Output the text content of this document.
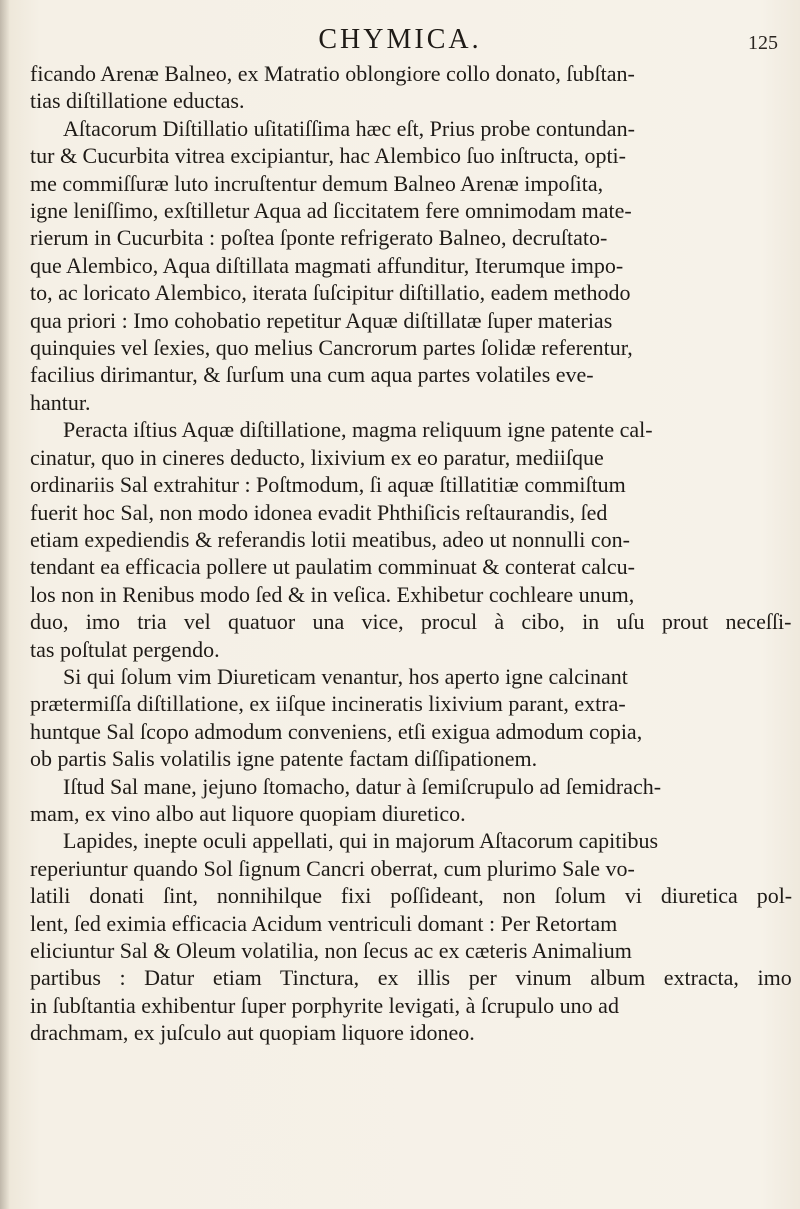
CHYMICA.	125
ficando Arenæ Balneo, ex Matratio oblongiore collo donato, ſubſtan-
tias diſtillatione eductas.
Aſtacorum Diſtillatio uſitatiſſima hæc eſt, Prius probe contundan-
tur & Cucurbita vitrea excipiantur, hac Alembico ſuo inſtructa, opti-
me commiſſuræ luto incruſtentur demum Balneo Arenæ impoſita,
igne leniſſimo, exſtilletur Aqua ad ſiccitatem fere omnimodam mate-
rierum in Cucurbita : poſtea ſponte refrigerato Balneo, decruſtato-
que Alembico, Aqua diſtillata magmati affunditur, Iterumque impo-
to, ac loricato Alembico, iterata ſuſcipitur diſtillatio, eadem methodo
qua priori : Imo cohobatio repetitur Aquæ diſtillatæ ſuper materias
quinquies vel ſexies, quo melius Cancrorum partes ſolidæ referentur,
facilius dirimantur, & ſurſum una cum aqua partes volatiles eve-
hantur.
Peracta iſtius Aquæ diſtillatione, magma reliquum igne patente cal-
cinatur, quo in cineres deducto, lixivium ex eo paratur, mediiſque
ordinariis Sal extrahitur : Poſtmodum, ſi aquæ ſtillatitiæ commiſtum
fuerit hoc Sal, non modo idonea evadit Phthiſicis reſtaurandis, ſed
etiam expediendis & referandis lotii meatibus, adeo ut nonnulli con-
tendant ea efficacia pollere ut paulatim comminuat & conterat calcu-
los non in Renibus modo ſed & in veſica. Exhibetur cochleare unum,
duo, imo tria vel quatuor una vice, procul à cibo, in uſu prout neceſſi-
tas poſtulat pergendo.
Si qui ſolum vim Diureticam venantur, hos aperto igne calcinant
prætermiſſa diſtillatione, ex iiſque incineratis lixivium parant, extra-
huntque Sal ſcopo admodum conveniens, etſi exigua admodum copia,
ob partis Salis volatilis igne patente factam diſſipationem.
Iſtud Sal mane, jejuno ſtomacho, datur à ſemiſcrupulo ad ſemidrach-
mam, ex vino albo aut liquore quopiam diuretico.
Lapides, inepte oculi appellati, qui in majorum Aſtacorum capitibus
reperiuntur quando Sol ſignum Cancri oberrat, cum plurimo Sale vo-
latili donati ſint, nonnihilque fixi poſſideant, non ſolum vi diuretica pol-
lent, ſed eximia efficacia Acidum ventriculi domant : Per Retortam
eliciuntur Sal & Oleum volatilia, non ſecus ac ex cæteris Animalium
partibus : Datur etiam Tinctura, ex illis per vinum album extracta, imo
in ſubſtantia exhibentur ſuper porphyrite levigati, à ſcrupulo uno ad
drachmam, ex juſculo aut quopiam liquore idoneo.
